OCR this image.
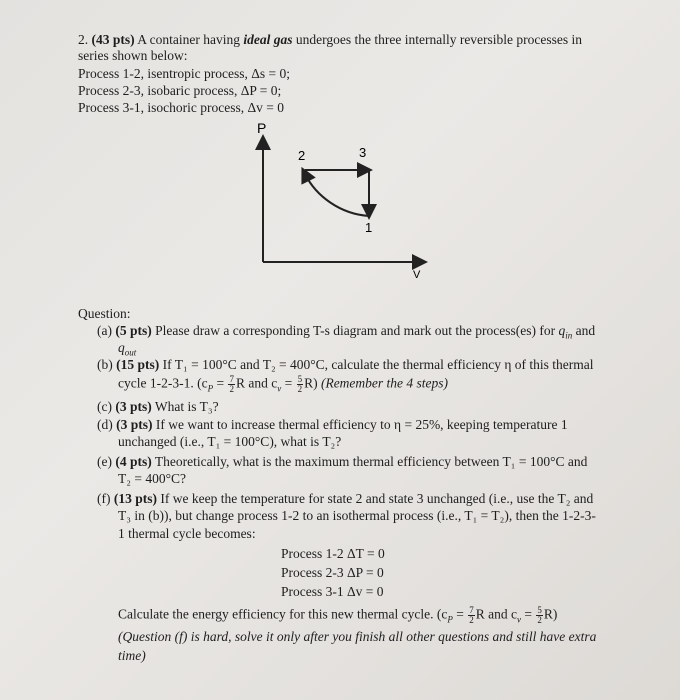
2. (43 pts) A container having ideal gas undergoes the three internally reversible processes in
series shown below:
Process 1-2, isentropic process, Δs = 0;
Process 2-3, isobaric process, ΔP = 0;
Process 3-1, isochoric process, Δv = 0
P
V
2	3
1
Question:
(a) (5 pts) Please draw a corresponding T-s diagram and mark out the process(es) for $q_{in}$ and
$q_{out}$
(b) (15 pts) If T₁ = 100°C and T₂ = 400°C, calculate the thermal efficiency η of this thermal
cycle 1-2-3-1. ($c_P = \frac{7}{2}$ R and $c_v = \frac{5}{2} R$) (Remember the 4 steps)
(c) (3 pts) What is T₃?
(d) (3 pts) If we want to increase thermal efficiency to η = 25%, keeping temperature 1
unchanged (i.e., T₁ = 100°C), what is T₂?
(e) (4 pts) Theoretically, what is the maximum thermal efficiency between T₁ = 100°C and
T₂ = 400°C?
(f) (13 pts) If we keep the temperature for state 2 and state 3 unchanged (i.e., use the T₂ and
T₃ in (b)), but change process 1-2 to an isothermal process (i.e., T₁ = T₂), then the 1-2-3-
1 thermal cycle becomes:
Process 1-2 ΔT = 0
Process 2-3 ΔP = 0
Process 3-1 Δv = 0
Calculate the energy efficiency for this new thermal cycle. ($c_P = \frac{7}{2}$ R and $c_v = \frac{5}{2} R$)
(Question (f) is hard, solve it only after you finish all other questions and still have extra
time)
